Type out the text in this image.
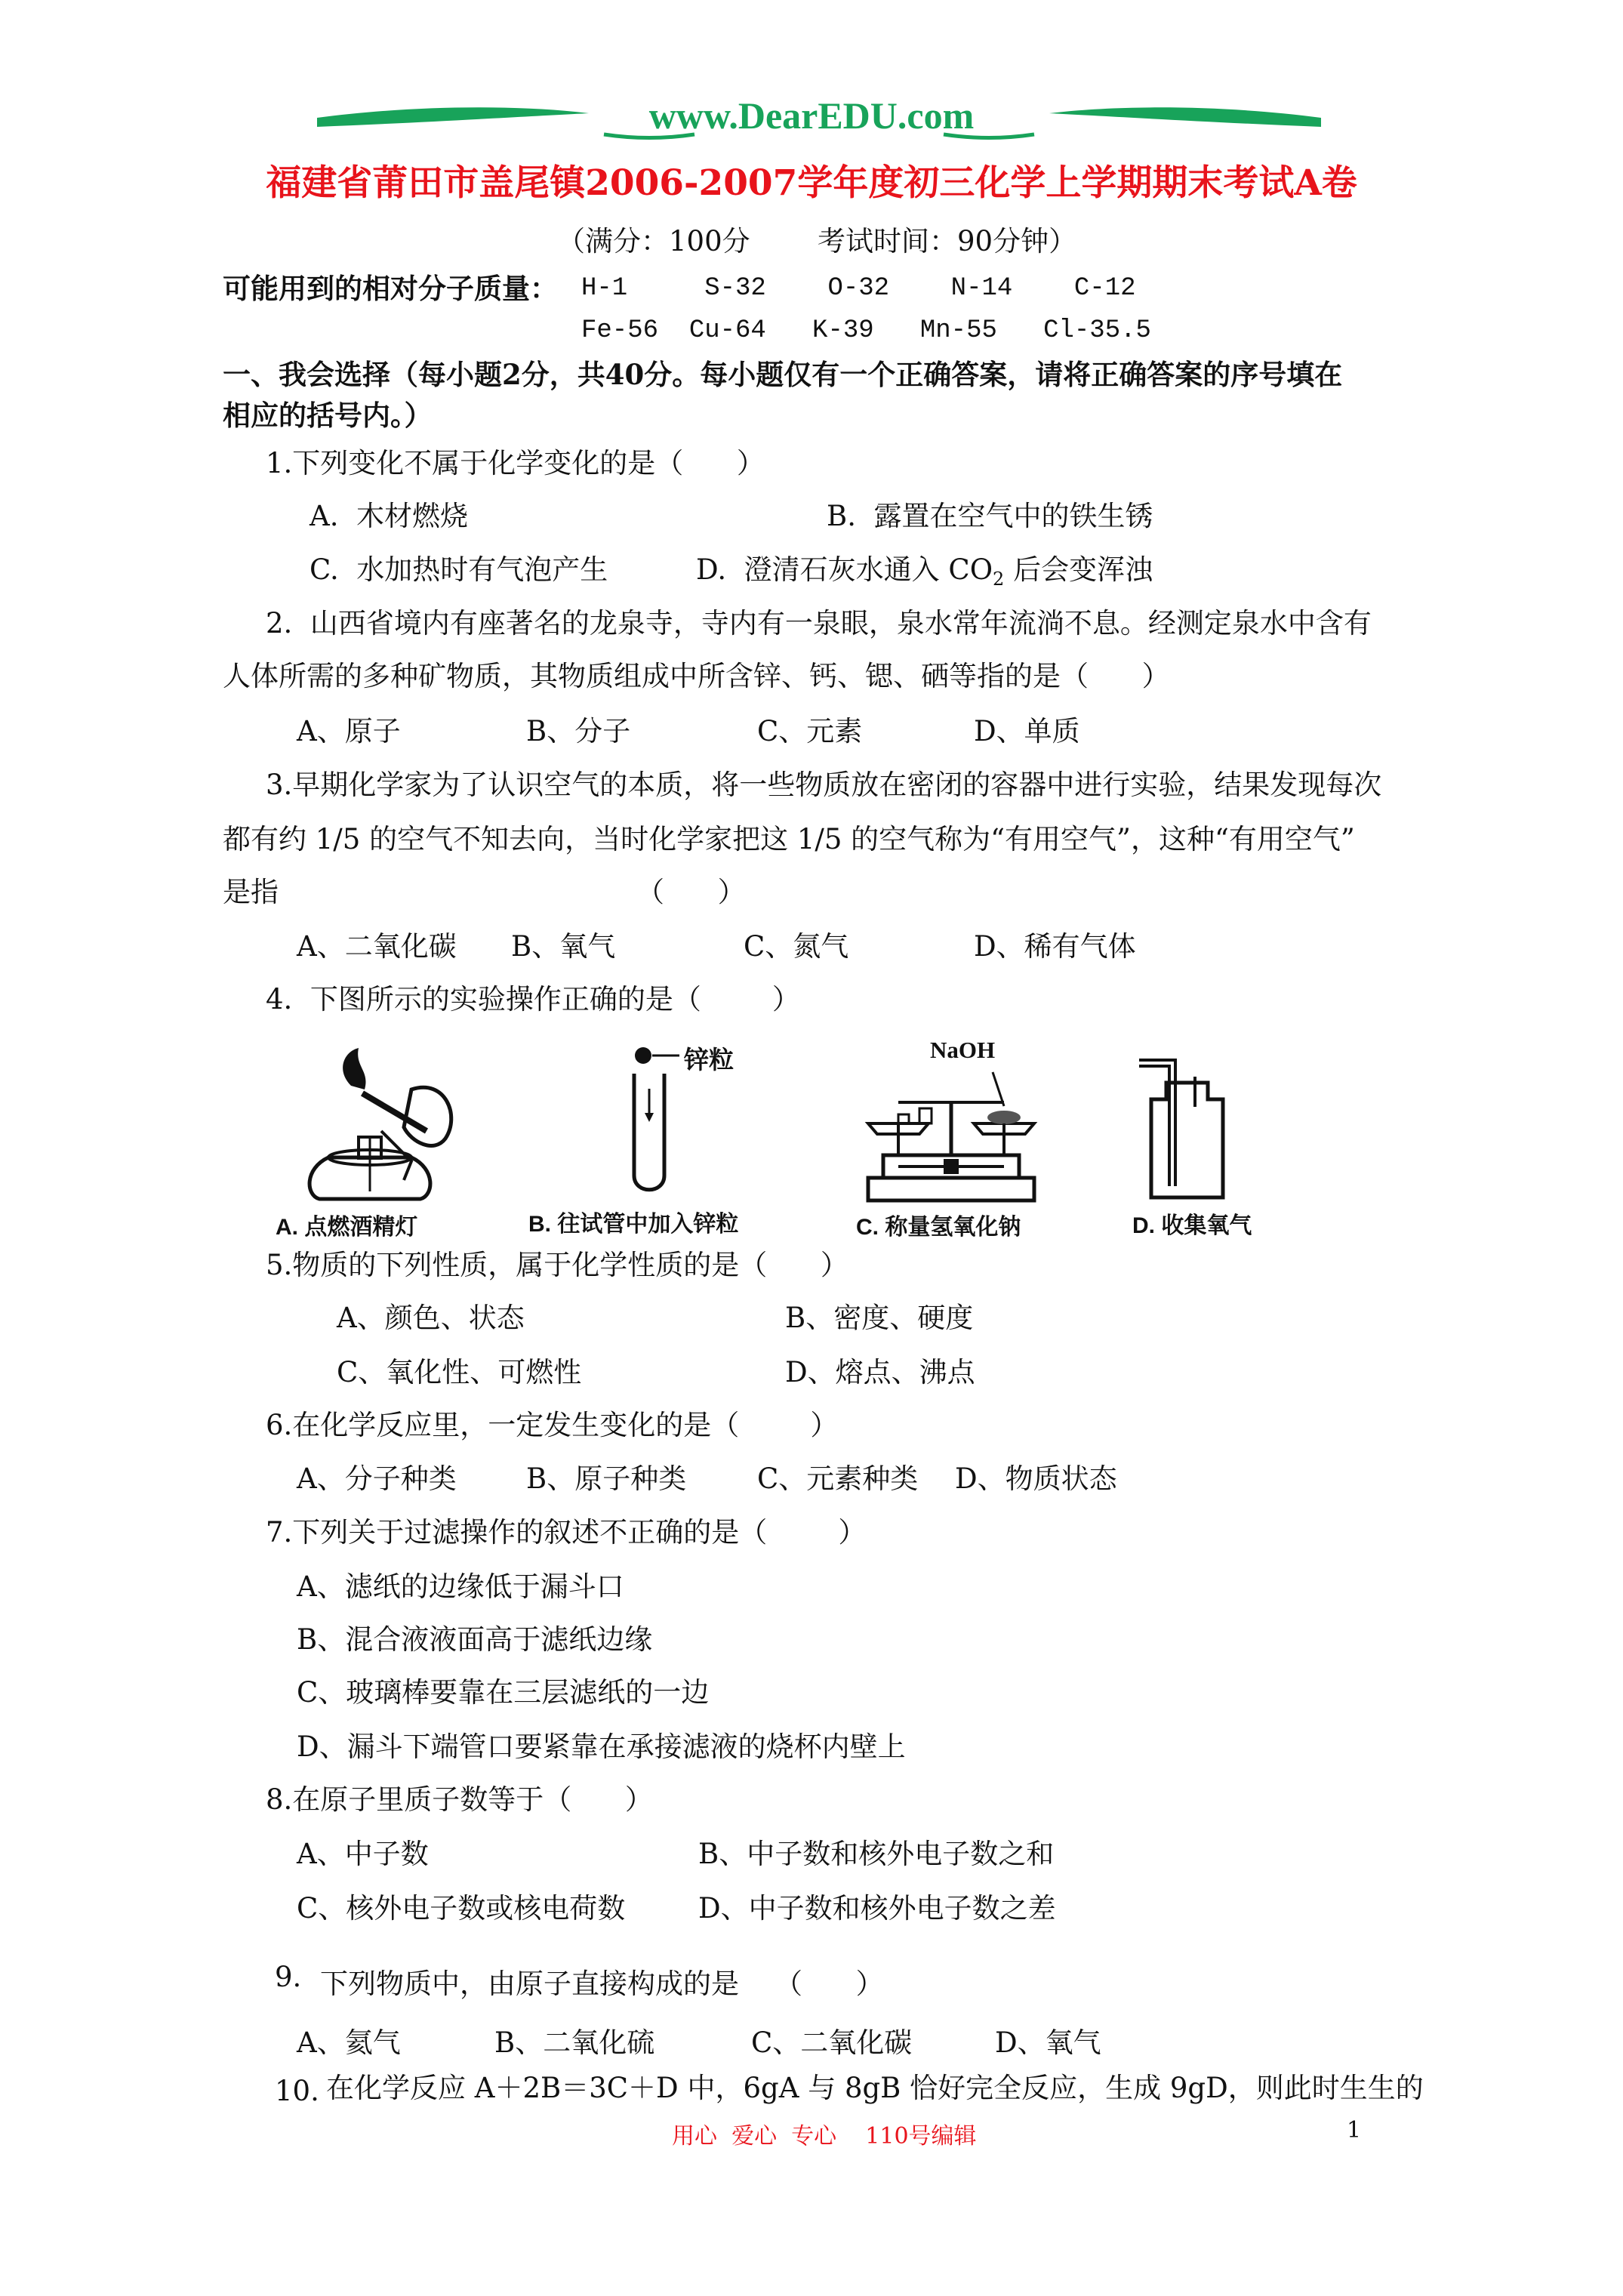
www.DearEDU.com
福建省莆田市盖尾镇2006-2007学年度初三化学上学期期末考试A卷
（满分：100分 考试时间：90分钟）
可能用到的相对分子质量： H-1     S-32    O-32    N-14    C-12
Fe-56  Cu-64   K-39   Mn-55   Cl-35.5
一、我会选择（每小题2分，共40分。每小题仅有一个正确答案，请将正确答案的序号填在
相应的括号内。）
1.下列变化不属于化学变化的是（      ）
A.  木材燃烧	B.  露置在空气中的铁生锈
C.  水加热时有气泡产生	D.  澄清石灰水通入 $CO_2$ 后会变浑浊
2.  山西省境内有座著名的龙泉寺，寺内有一泉眼，泉水常年流淌不息。经测定泉水中含有
人体所需的多种矿物质，其物质组成中所含锌、钙、锶、硒等指的是（      ）
A、原子	B、分子	C、元素	D、单质
3.早期化学家为了认识空气的本质，将一些物质放在密闭的容器中进行实验，结果发现每次
都有约 1/5 的空气不知去向，当时化学家把这 1/5 的空气称为“有用空气”，这种“有用空气”
是指	（      ）
A、二氧化碳 B、氧气	C、氮气	D、稀有气体
4.  下图所示的实验操作正确的是（        ）
A. 点燃酒精灯
锌粒
B. 往试管中加入锌粒
NaOH
C. 称量氢氧化钠	D. 收集氧气
5.物质的下列性质，属于化学性质的是（      ）
A、颜色、状态	B、密度、硬度
C、氧化性、可燃性	D、熔点、沸点
6.在化学反应里，一定发生变化的是（        ）
A、分子种类 B、原子种类	C、元素种类 D、物质状态
7.下列关于过滤操作的叙述不正确的是（        ）
A、滤纸的边缘低于漏斗口
B、混合液液面高于滤纸边缘
C、玻璃棒要靠在三层滤纸的一边
D、漏斗下端管口要紧靠在承接滤液的烧杯内壁上
8.在原子里质子数等于（      ）
A、中子数	B、中子数和核外电子数之和
C、核外电子数或核电荷数	D、中子数和核外电子数之差
9. 下列物质中，由原子直接构成的是    （      ）
A、氦气	B、二氧化硫	C、二氧化碳	D、氧气
10. 在化学反应 A＋2B＝3C＋D 中，6gA 与 8gB 恰好完全反应，生成 9gD，则此时生生的
用心  爱心  专心    110号编辑	1
